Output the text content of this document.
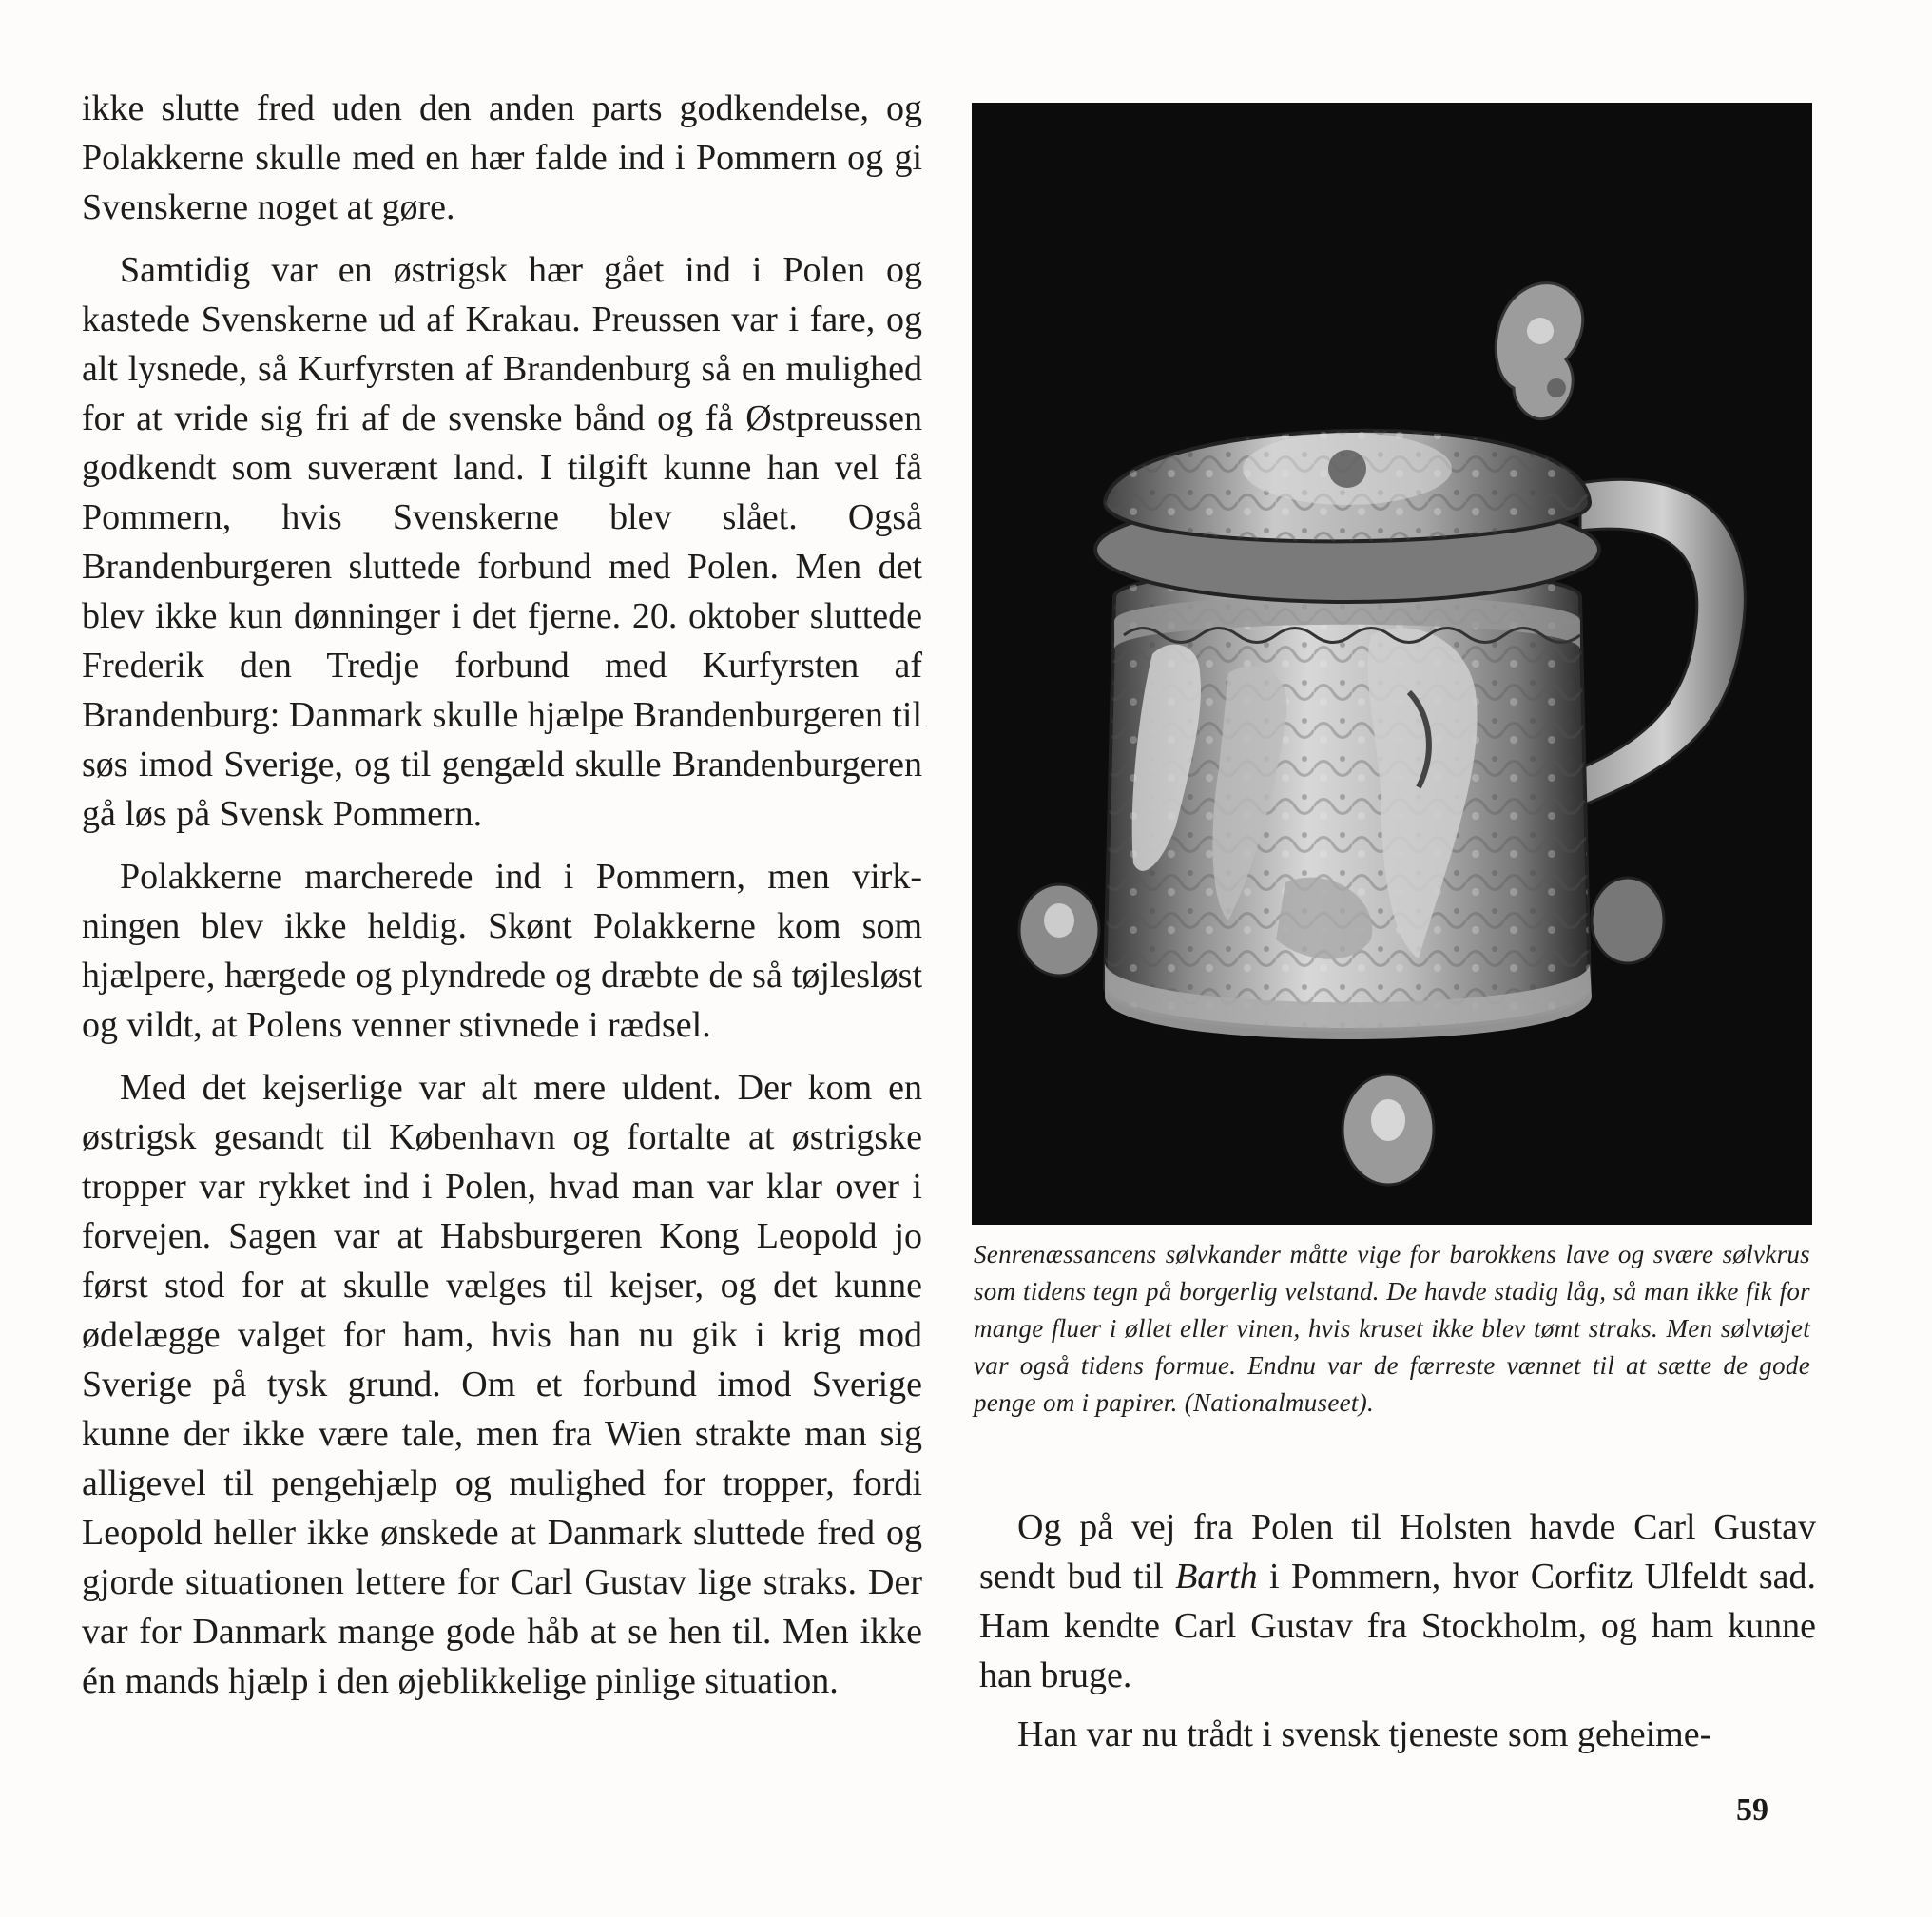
ikke slutte fred uden den anden parts godkendelse, og Polakkerne skulle med en hær falde ind i Pommern og gi Svenskerne noget at gøre.

Samtidig var en østrigsk hær gået ind i Polen og kastede Svenskerne ud af Krakau. Preussen var i fare, og alt lysnede, så Kurfyrsten af Brandenburg så en mulighed for at vride sig fri af de svenske bånd og få Østpreussen godkendt som suverænt land. I tilgift kunne han vel få Pommern, hvis Svenskerne blev slået. Også Brandenburgeren sluttede forbund med Polen. Men det blev ikke kun dønninger i det fjerne. 20. oktober sluttede Frederik den Tredje forbund med Kurfyrsten af Brandenburg: Danmark skulle hjælpe Brandenburgeren til søs imod Sverige, og til gengæld skulle Brandenburgeren gå løs på Svensk Pommern.

Polakkerne marcherede ind i Pommern, men virkningen blev ikke heldig. Skønt Polakkerne kom som hjælpere, hærgede og plyndrede og dræbte de så tøjlesløst og vildt, at Polens venner stivnede i rædsel.

Med det kejserlige var alt mere uldent. Der kom en østrigsk gesandt til København og fortalte at østrigske tropper var rykket ind i Polen, hvad man var klar over i forvejen. Sagen var at Habsburgeren Kong Leopold jo først stod for at skulle vælges til kejser, og det kunne ødelægge valget for ham, hvis han nu gik i krig mod Sverige på tysk grund. Om et forbund imod Sverige kunne der ikke være tale, men fra Wien strakte man sig alligevel til pengehjælp og mulighed for tropper, fordi Leopold heller ikke ønskede at Danmark sluttede fred og gjorde situationen lettere for Carl Gustav lige straks. Der var for Danmark mange gode håb at se hen til. Men ikke én mands hjælp i den øjeblikkelige pinlige situation.

Senrenæssancens sølvkander måtte vige for barokkens lave og svære sølvkrus som tidens tegn på borgerlig velstand. De havde stadig låg, så man ikke fik for mange fluer i øllet eller vinen, hvis kruset ikke blev tømt straks. Men sølvtøjet var også tidens formue. Endnu var de færreste vænnet til at sætte de gode penge om i papirer. (Nationalmuseet).

Og på vej fra Polen til Holsten havde Carl Gustav sendt bud til Barth i Pommern, hvor Corfitz Ulfeldt sad. Ham kendte Carl Gustav fra Stockholm, og ham kunne han bruge.

Han var nu trådt i svensk tjeneste som geheime-

59
